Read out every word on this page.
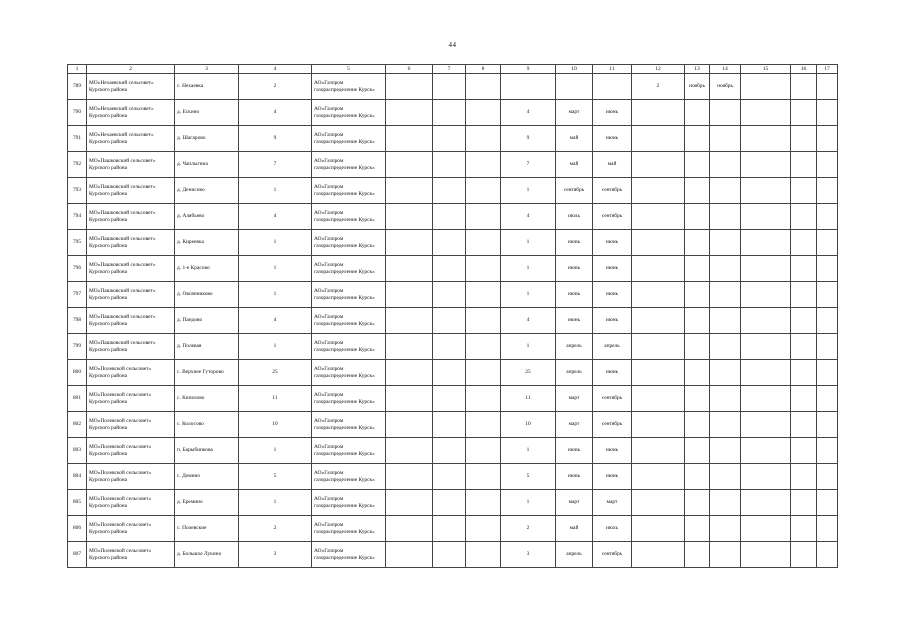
44
1	2	3	4	5	6	7	8	9	10	11	12	13	14	15	16	17
789	МО«Нехаевский сельсовет» Курского района	с. Нехаевка	2	АО«Газпром газораспределение Курск»							2	ноябрь	ноябрь			
790	МО«Нехаевский сельсовет» Курского района	д. Ескино	4	АО«Газпром газораспределение Курск»				4	март	июнь						
791	МО«Нехаевский сельсовет» Курского района	д. Шагарово	9	АО«Газпром газораспределение Курск»				9	май	июнь						
792	МО«Пашковский сельсовет» Курского района	д. Чаплыгина	7	АО«Газпром газораспределение Курск»				7	май	май						
793	МО«Пашковский сельсовет» Курского района	д. Денисово	1	АО«Газпром газораспределение Курск»				1	сентябрь	сентябрь						
794	МО«Пашковский сельсовет» Курского района	д. Алябьево	4	АО«Газпром газораспределение Курск»				4	июль	сентябрь						
795	МО«Пашковский сельсовет» Курского района	д. Киреевка	1	АО«Газпром газораспределение Курск»				1	июнь	июнь						
796	МО«Пашковский сельсовет» Курского района	д. 1-е Красово	1	АО«Газпром газораспределение Курск»				1	июнь	июнь						
797	МО«Пашковский сельсовет» Курского района	д. Овсянниково	1	АО«Газпром газораспределение Курск»				1	июнь	июнь						
798	МО«Пашковский сельсовет» Курского района	д. Пандово	4	АО«Газпром газораспределение Курск»				4	июнь	июнь						
799	МО«Пашковский сельсовет» Курского района	д. Полевая	1	АО«Газпром газораспределение Курск»				1	апрель	апрель						
800	МО«Полевской сельсовет» Курского района	с. Верхнее Гуторово	25	АО«Газпром газораспределение Курск»				25	апрель	июнь						
801	МО«Полевской сельсовет» Курского района	с. Кипелово	11	АО«Газпром газораспределение Курск»				11	март	сентябрь						
802	МО«Полевской сельсовет» Курского района	с. Колосово	10	АО«Газпром газораспределение Курск»				10	март	сентябрь						
803	МО«Полевской сельсовет» Курского района	п. Барыбинкова	1	АО«Газпром газораспределение Курск»				1	июнь	июнь						
804	МО«Полевской сельсовет» Курского района	с. Демино	5	АО«Газпром газораспределение Курск»				5	июнь	июнь						
805	МО«Полевской сельсовет» Курского района	д. Еремино	1	АО«Газпром газораспределение Курск»				1	март	март						
806	МО«Полевской сельсовет» Курского района	с. Полевские	2	АО«Газпром газораспределение Курск»				2	май	июль						
807	МО«Полевской сельсовет» Курского района	д. Большое Лукино	3	АО«Газпром газораспределение Курск»				3	апрель	сентябрь						
